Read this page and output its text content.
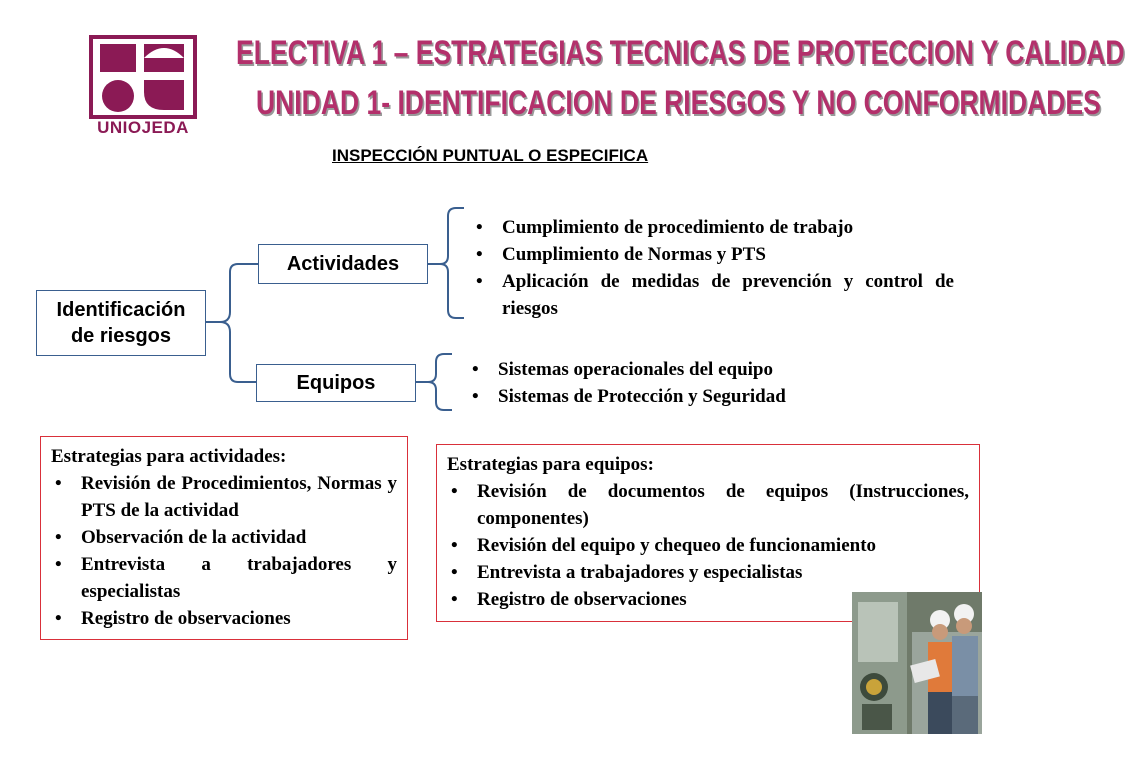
UNIOJEDA
ELECTIVA 1 – ESTRATEGIAS TECNICAS DE PROTECCION Y CALIDAD
UNIDAD 1- IDENTIFICACION DE RIESGOS Y NO CONFORMIDADES
INSPECCIÓN PUNTUAL O ESPECIFICA
Identificación
de riesgos
Actividades
Equipos
• Cumplimiento de procedimiento de trabajo
• Cumplimiento de Normas y PTS
• Aplicación de medidas de prevención y control de riesgos
• Sistemas operacionales del equipo
• Sistemas de Protección y Seguridad
Estrategias para actividades:
• Revisión de Procedimientos, Normas y PTS de la actividad
• Observación de la actividad
• Entrevista a trabajadores y especialistas
• Registro de observaciones
Estrategias para equipos:
• Revisión de documentos de equipos (Instrucciones, componentes)
• Revisión del equipo y chequeo de funcionamiento
• Entrevista a trabajadores y especialistas
• Registro de observaciones
